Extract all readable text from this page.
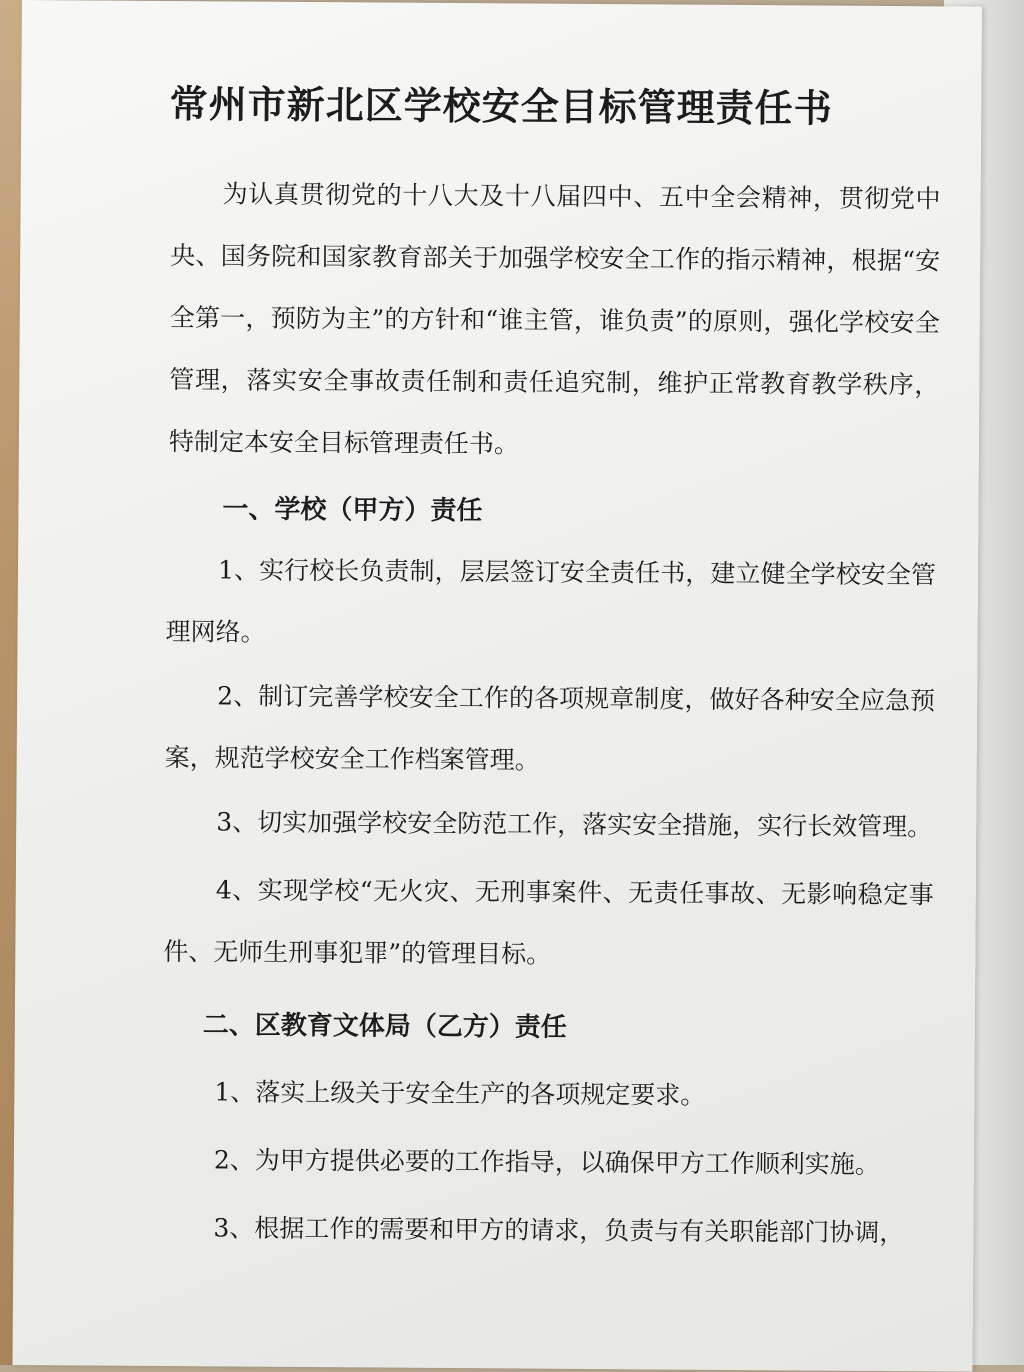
常州市新北区学校安全目标管理责任书

为认真贯彻党的十八大及十八届四中、五中全会精神，贯彻党中央、国务院和国家教育部关于加强学校安全工作的指示精神，根据“安全第一，预防为主”的方针和“谁主管，谁负责”的原则，强化学校安全管理，落实安全事故责任制和责任追究制，维护正常教育教学秩序，特制定本安全目标管理责任书。

一、学校（甲方）责任

1、实行校长负责制，层层签订安全责任书，建立健全学校安全管理网络。

2、制订完善学校安全工作的各项规章制度，做好各种安全应急预案，规范学校安全工作档案管理。

3、切实加强学校安全防范工作，落实安全措施，实行长效管理。

4、实现学校“无火灾、无刑事案件、无责任事故、无影响稳定事件、无师生刑事犯罪”的管理目标。

二、区教育文体局（乙方）责任

1、落实上级关于安全生产的各项规定要求。

2、为甲方提供必要的工作指导，以确保甲方工作顺利实施。

3、根据工作的需要和甲方的请求，负责与有关职能部门协调，
